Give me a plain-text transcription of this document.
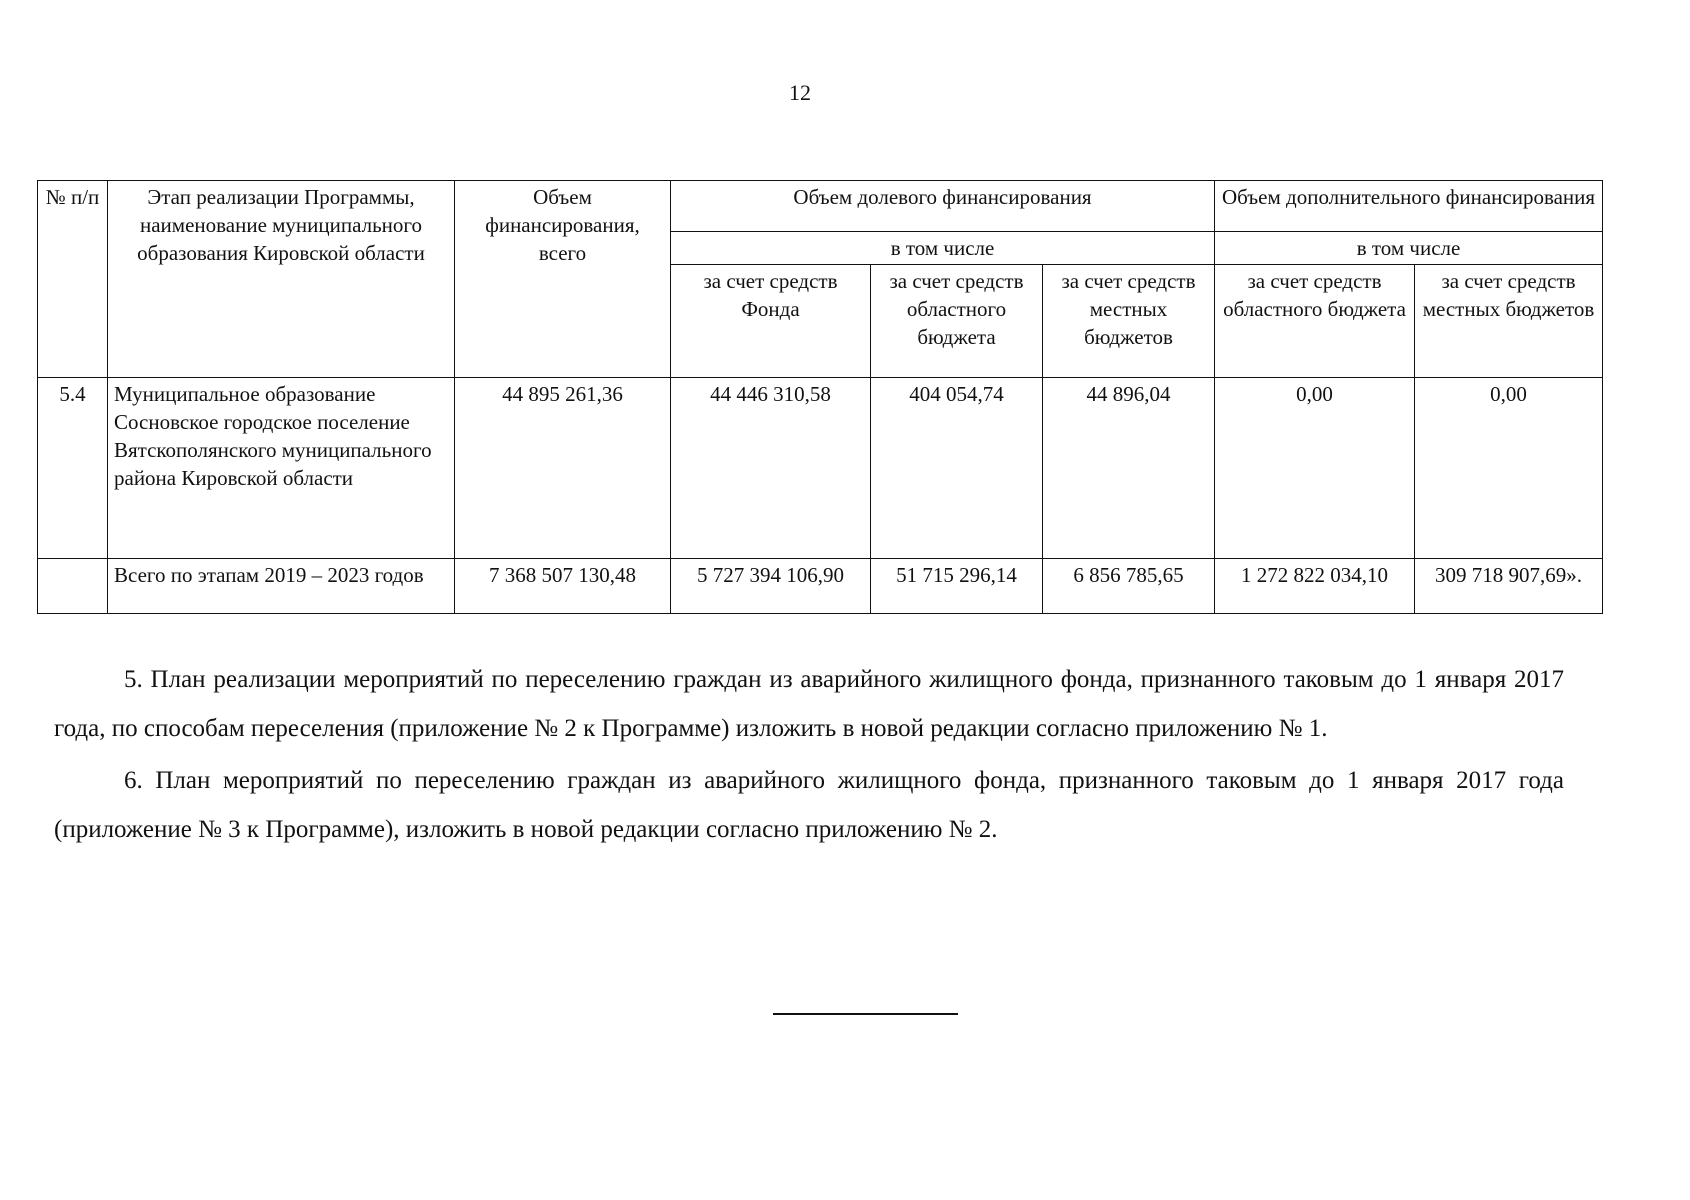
12
№ п/п	Этап реализации Программы, наименование муниципального образования Кировской области	Объем финансирования, всего	Объем долевого финансирования			Объем дополнительного финансирования	
			в том числе			в том числе	
			за счет средств Фонда	за счет средств областного бюджета	за счет средств местных бюджетов	за счет средств областного бюджета	за счет средств местных бюджетов
5.4	Муниципальное образование Сосновское городское поселение Вятскополянского муниципального района Кировской области	44 895 261,36	44 446 310,58	404 054,74	44 896,04	0,00	0,00
	Всего по этапам 2019 – 2023 годов	7 368 507 130,48	5 727 394 106,90	51 715 296,14	6 856 785,65	1 272 822 034,10	309 718 907,69».

5. План реализации мероприятий по переселению граждан из аварийного жилищного фонда, признанного таковым до 1 января 2017 года, по способам переселения (приложение № 2 к Программе) изложить в новой редакции согласно приложению № 1.

6. План мероприятий по переселению граждан из аварийного жилищного фонда, признанного таковым до 1 января 2017 года (приложение № 3 к Программе), изложить в новой редакции согласно приложению № 2.
